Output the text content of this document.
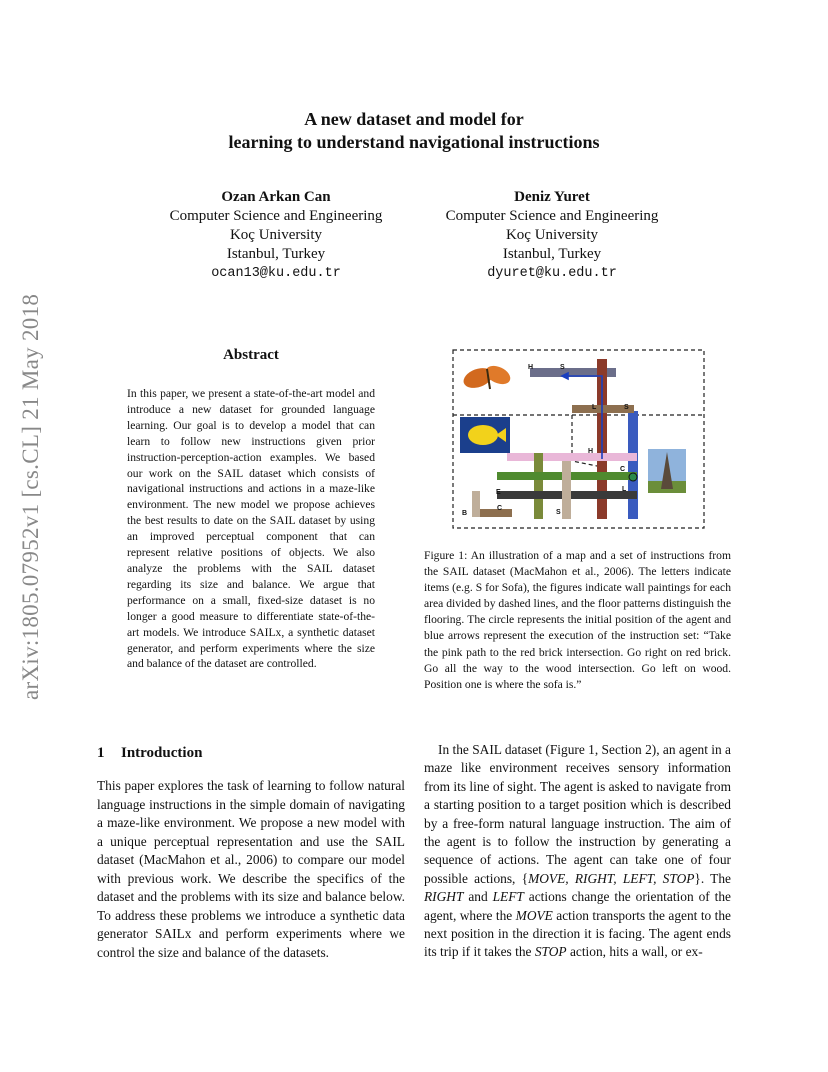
arXiv:1805.07952v1 [cs.CL] 21 May 2018
A new dataset and model for
learning to understand navigational instructions
Ozan Arkan Can
Computer Science and Engineering
Koç University
Istanbul, Turkey
ocan13@ku.edu.tr
Deniz Yuret
Computer Science and Engineering
Koç University
Istanbul, Turkey
dyuret@ku.edu.tr
Abstract
In this paper, we present a state-of-the-art model and introduce a new dataset for grounded language learning. Our goal is to develop a model that can learn to follow new instructions given prior instruction-perception-action examples. We based our work on the SAIL dataset which consists of navigational instructions and actions in a maze-like environment. The new model we propose achieves the best results to date on the SAIL dataset by using an improved perceptual component that can represent relative positions of objects. We also analyze the problems with the SAIL dataset regarding its size and balance. We argue that performance on a small, fixed-size dataset is no longer a good measure to differentiate state-of-the-art models. We introduce SAILx, a synthetic dataset generator, and perform experiments where the size and balance of the dataset are controlled.
H	S
L	S
H
C
E	L
B
C
S
Figure 1: An illustration of a map and a set of instructions from the SAIL dataset (MacMahon et al., 2006). The letters indicate items (e.g. S for Sofa), the figures indicate wall paintings for each area divided by dashed lines, and the floor patterns distinguish the flooring. The circle represents the initial position of the agent and blue arrows represent the execution of the instruction set: “Take the pink path to the red brick intersection. Go right on red brick. Go all the way to the wood intersection. Go left on wood. Position one is where the sofa is.”
1 Introduction
This paper explores the task of learning to follow natural language instructions in the simple domain of navigating a maze-like environment. We propose a new model with a unique perceptual representation and use the SAIL dataset (MacMahon et al., 2006) to compare our model with previous work. We describe the specifics of the dataset and the problems with its size and balance below. To address these problems we introduce a synthetic data generator SAILx and perform experiments where we control the size and balance of the datasets.

In the SAIL dataset (Figure 1, Section 2), an agent in a maze like environment receives sensory information from its line of sight. The agent is asked to navigate from a starting position to a target position which is described by a free-form natural language instruction. The aim of the agent is to follow the instruction by generating a sequence of actions. The agent can take one of four possible actions, {MOVE, RIGHT, LEFT, STOP}. The RIGHT and LEFT actions change the orientation of the agent, where the MOVE action transports the agent to the next position in the direction it is facing. The agent ends its trip if it takes the STOP action, hits a wall, or ex-
